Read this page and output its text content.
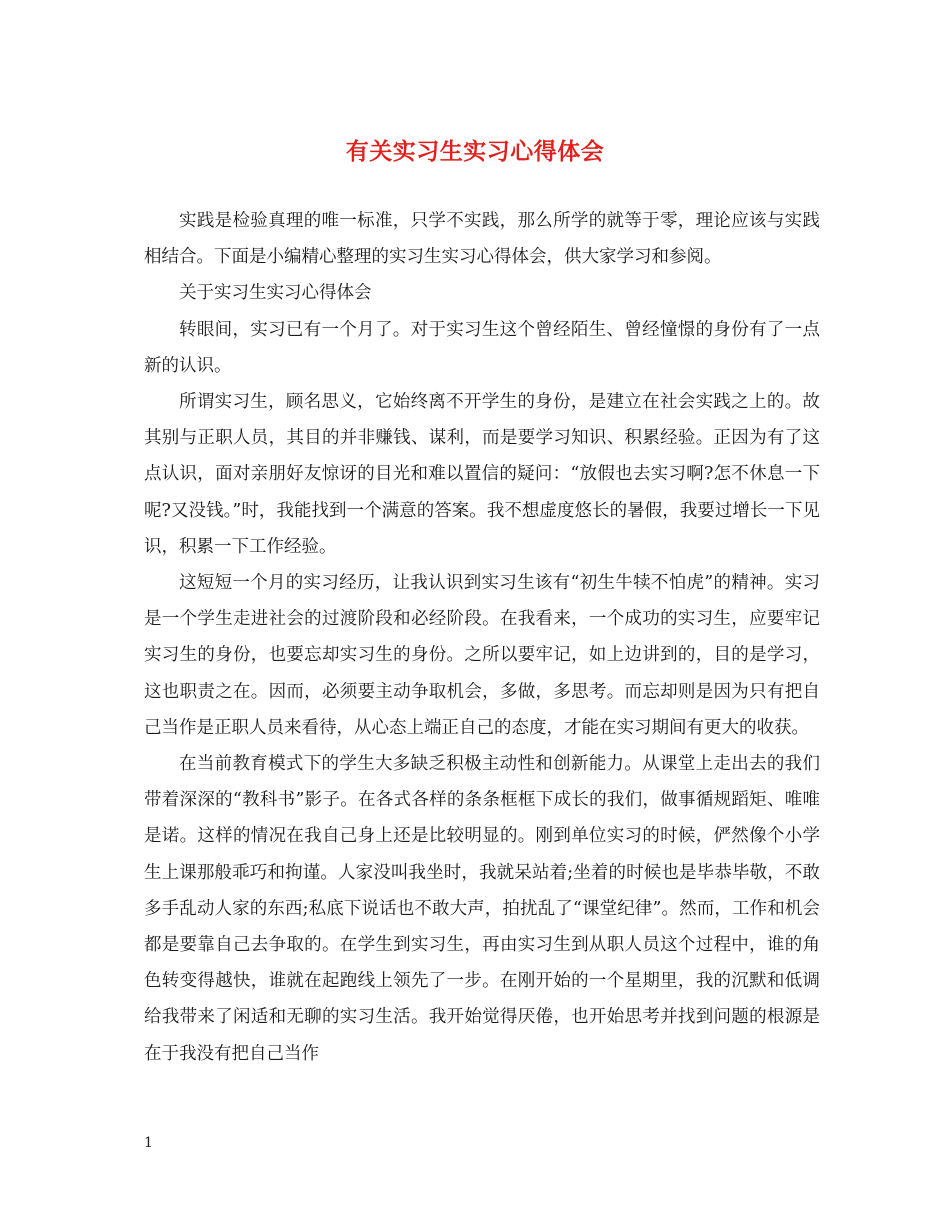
有关实习生实习心得体会

实践是检验真理的唯一标准，只学不实践，那么所学的就等于零，理论应该与实践相结合。下面是小编精心整理的实习生实习心得体会，供大家学习和参阅。

关于实习生实习心得体会

转眼间，实习已有一个月了。对于实习生这个曾经陌生、曾经憧憬的身份有了一点新的认识。

所谓实习生，顾名思义，它始终离不开学生的身份，是建立在社会实践之上的。故其别与正职人员，其目的并非赚钱、谋利，而是要学习知识、积累经验。正因为有了这点认识，面对亲朋好友惊讶的目光和难以置信的疑问：“放假也去实习啊?怎不休息一下呢?又没钱。”时，我能找到一个满意的答案。我不想虚度悠长的暑假，我要过增长一下见识，积累一下工作经验。

这短短一个月的实习经历，让我认识到实习生该有“初生牛犊不怕虎”的精神。实习是一个学生走进社会的过渡阶段和必经阶段。在我看来，一个成功的实习生，应要牢记实习生的身份，也要忘却实习生的身份。之所以要牢记，如上边讲到的，目的是学习，这也职责之在。因而，必须要主动争取机会，多做，多思考。而忘却则是因为只有把自己当作是正职人员来看待，从心态上端正自己的态度，才能在实习期间有更大的收获。

在当前教育模式下的学生大多缺乏积极主动性和创新能力。从课堂上走出去的我们带着深深的“教科书”影子。在各式各样的条条框框下成长的我们，做事循规蹈矩、唯唯是诺。这样的情况在我自己身上还是比较明显的。刚到单位实习的时候，俨然像个小学生上课那般乖巧和拘谨。人家没叫我坐时，我就呆站着;坐着的时候也是毕恭毕敬，不敢多手乱动人家的东西;私底下说话也不敢大声，拍扰乱了“课堂纪律”。然而，工作和机会都是要靠自己去争取的。在学生到实习生，再由实习生到从职人员这个过程中，谁的角色转变得越快，谁就在起跑线上领先了一步。在刚开始的一个星期里，我的沉默和低调给我带来了闲适和无聊的实习生活。我开始觉得厌倦，也开始思考并找到问题的根源是在于我没有把自己当作

1
